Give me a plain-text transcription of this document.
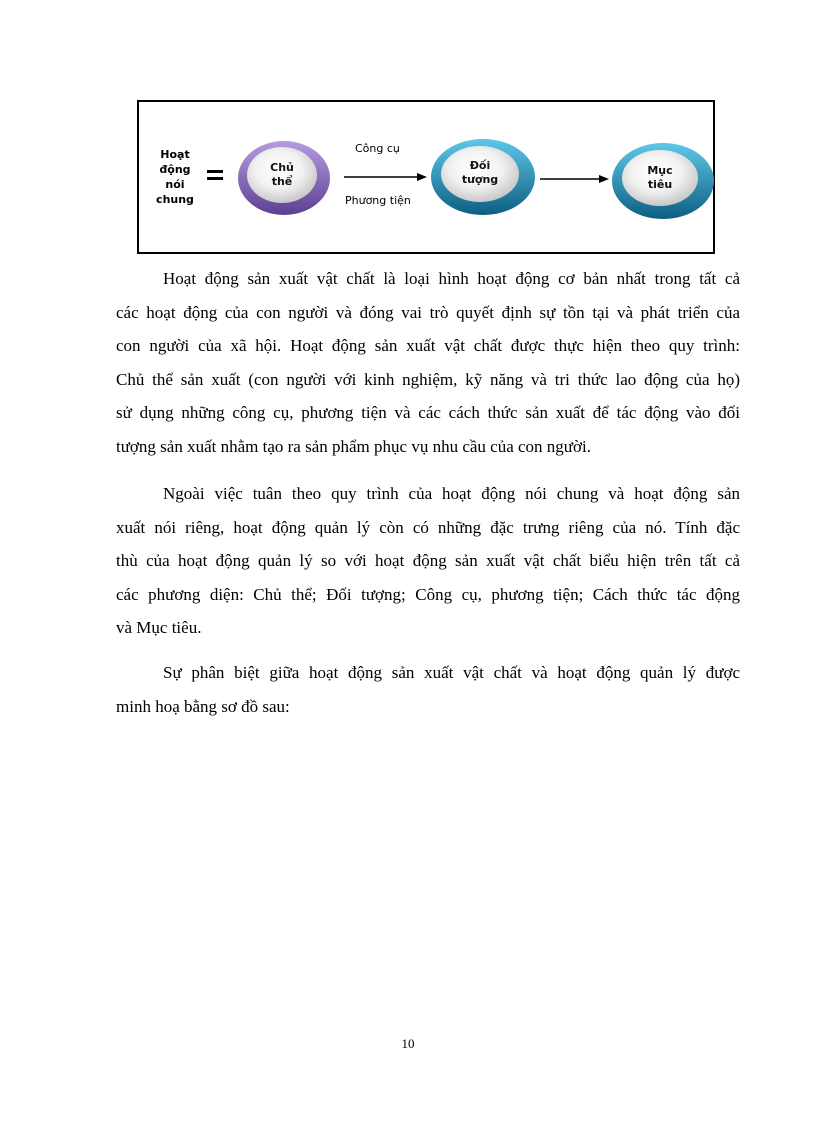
Hoạt
động
nói
chung
Chủ
thể
Đối
tượng
Mục
tiêu
Công cụ
Phương tiện
Hoạt động sản xuất vật chất là loại hình hoạt động cơ bản nhất trong tất cả
các hoạt động của con người và đóng vai trò quyết định sự tồn tại và phát triển của
con người của xã hội. Hoạt động sản xuất vật chất được thực hiện theo quy trình:
Chủ thể sản xuất (con người với kinh nghiệm, kỹ năng và tri thức lao động của họ)
sử dụng những công cụ, phương tiện và các cách thức sản xuất để tác động vào đối
tượng sản xuất nhằm tạo ra sản phẩm phục vụ nhu cầu của con người.
Ngoài việc tuân theo quy trình của hoạt động nói chung và hoạt động sản
xuất nói riêng, hoạt động quản lý còn có những đặc trưng riêng của nó. Tính đặc
thù của hoạt động quản lý so với hoạt động sản xuất vật chất biểu hiện trên tất cả
các phương diện: Chủ thể; Đối tượng; Công cụ, phương tiện; Cách thức tác động
và Mục tiêu.
Sự phân biệt giữa hoạt động sản xuất vật chất và hoạt động quản lý được
minh hoạ bằng sơ đồ sau:
10
